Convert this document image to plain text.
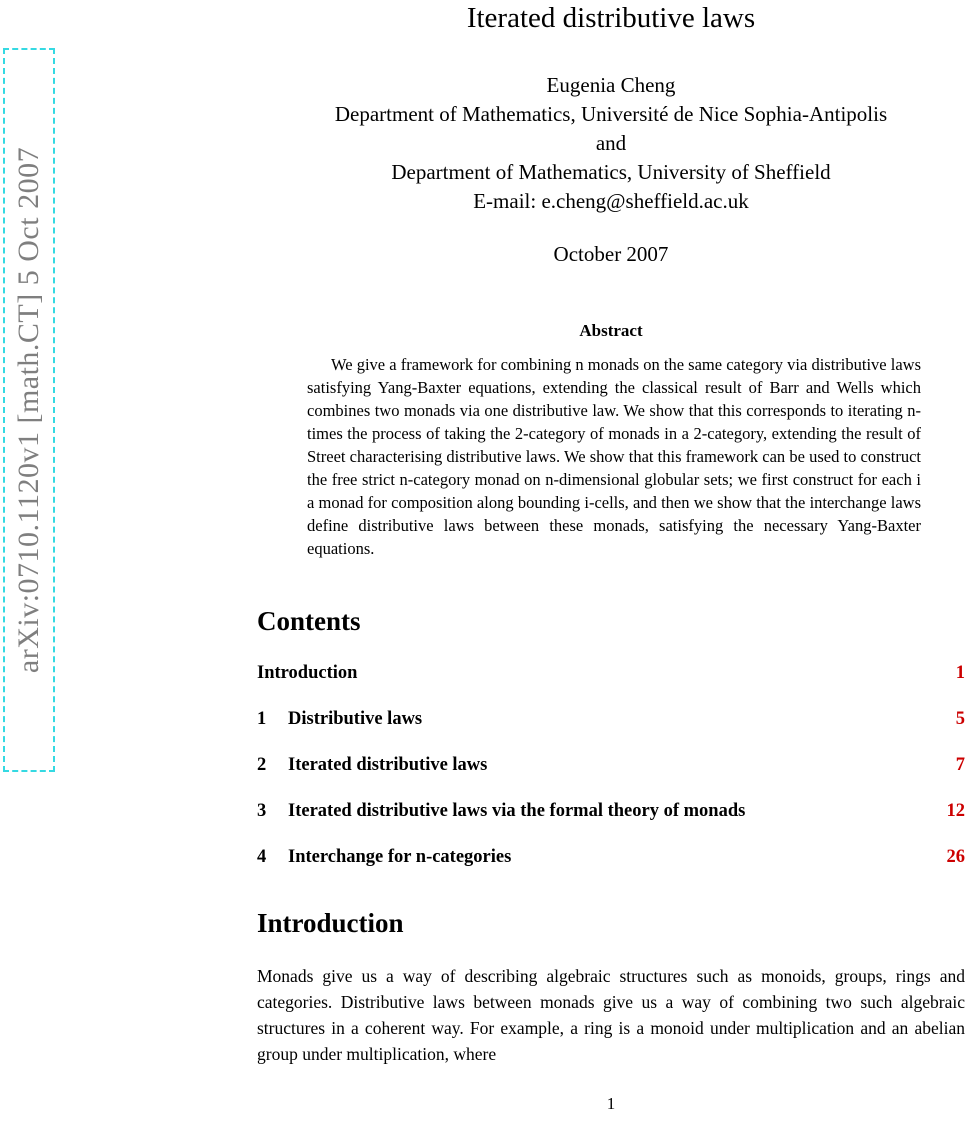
arXiv:0710.1120v1 [math.CT] 5 Oct 2007
Iterated distributive laws
Eugenia Cheng
Department of Mathematics, Université de Nice Sophia-Antipolis
and
Department of Mathematics, University of Sheffield
E-mail: e.cheng@sheffield.ac.uk
October 2007
Abstract

We give a framework for combining n monads on the same category via distributive laws satisfying Yang-Baxter equations, extending the classical result of Barr and Wells which combines two monads via one distributive law. We show that this corresponds to iterating n-times the process of taking the 2-category of monads in a 2-category, extending the result of Street characterising distributive laws. We show that this framework can be used to construct the free strict n-category monad on n-dimensional globular sets; we first construct for each i a monad for composition along bounding i-cells, and then we show that the interchange laws define distributive laws between these monads, satisfying the necessary Yang-Baxter equations.

Contents
Introduction	1
1	Distributive laws	5
2	Iterated distributive laws	7
3	Iterated distributive laws via the formal theory of monads	12
4	Interchange for n-categories	26
Introduction

Monads give us a way of describing algebraic structures such as monoids, groups, rings and categories. Distributive laws between monads give us a way of combining two such algebraic structures in a coherent way. For example, a ring is a monoid under multiplication and an abelian group under multiplication, where

1
